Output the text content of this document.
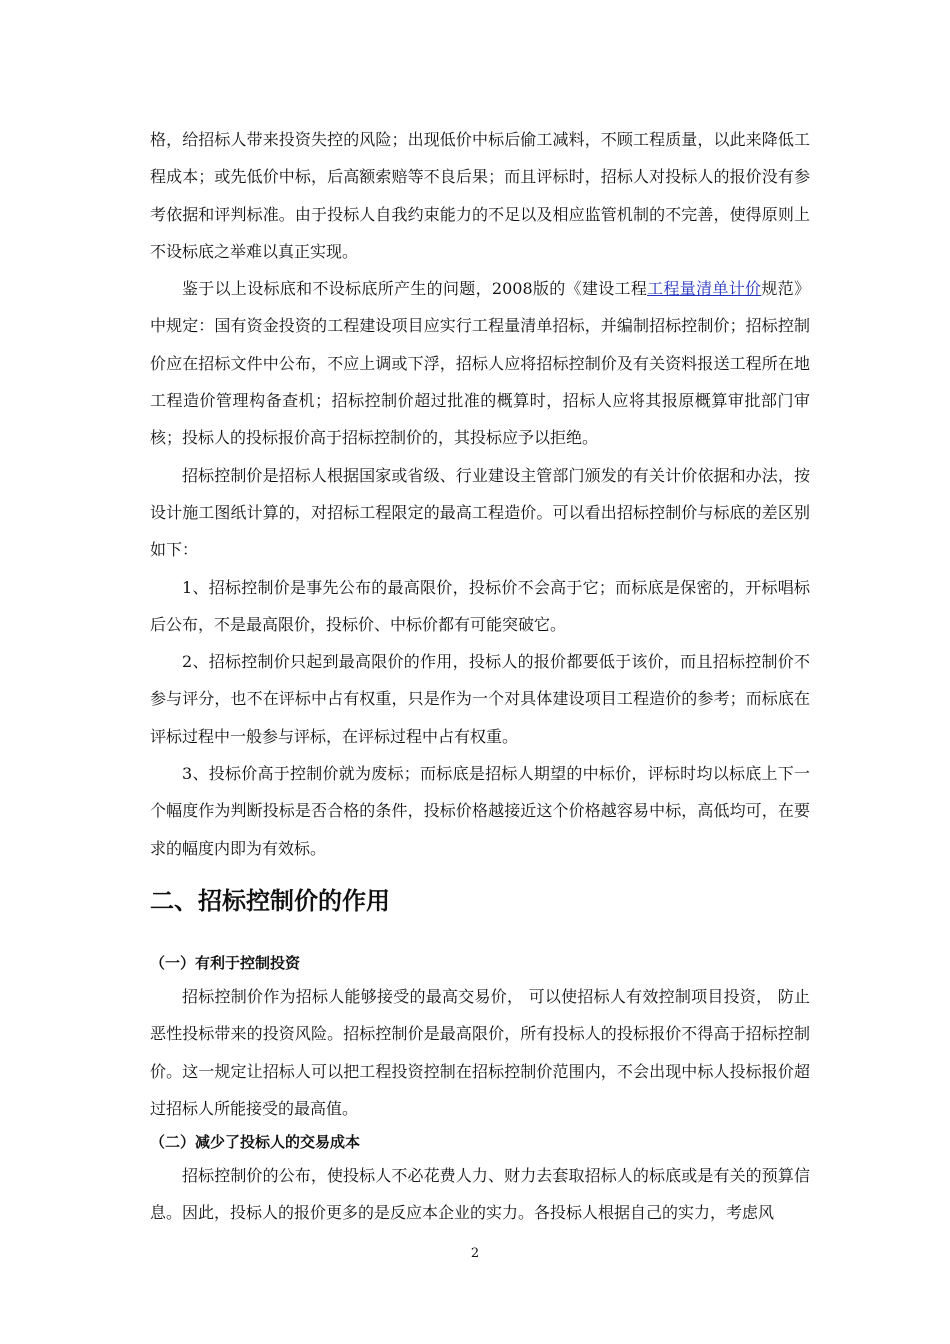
格，给招标人带来投资失控的风险；出现低价中标后偷工减料，不顾工程质量，以此来降低工程成本；或先低价中标，后高额索赔等不良后果；而且评标时，招标人对投标人的报价没有参考依据和评判标准。由于投标人自我约束能力的不足以及相应监管机制的不完善，使得原则上不设标底之举难以真正实现。

鉴于以上设标底和不设标底所产生的问题，2008版的《建设工程工程量清单计价规范》中规定：国有资金投资的工程建设项目应实行工程量清单招标，并编制招标控制价；招标控制价应在招标文件中公布，不应上调或下浮，招标人应将招标控制价及有关资料报送工程所在地工程造价管理构备查机；招标控制价超过批准的概算时，招标人应将其报原概算审批部门审核；投标人的投标报价高于招标控制价的，其投标应予以拒绝。

招标控制价是招标人根据国家或省级、行业建设主管部门颁发的有关计价依据和办法，按设计施工图纸计算的，对招标工程限定的最高工程造价。可以看出招标控制价与标底的差区别如下：

1、招标控制价是事先公布的最高限价，投标价不会高于它；而标底是保密的，开标唱标后公布，不是最高限价，投标价、中标价都有可能突破它。

2、招标控制价只起到最高限价的作用，投标人的报价都要低于该价，而且招标控制价不参与评分，也不在评标中占有权重，只是作为一个对具体建设项目工程造价的参考；而标底在评标过程中一般参与评标，在评标过程中占有权重。

3、投标价高于控制价就为废标；而标底是招标人期望的中标价，评标时均以标底上下一个幅度作为判断投标是否合格的条件，投标价格越接近这个价格越容易中标，高低均可，在要求的幅度内即为有效标。

二、招标控制价的作用

（一）有利于控制投资

招标控制价作为招标人能够接受的最高交易价， 可以使招标人有效控制项目投资， 防止恶性投标带来的投资风险。招标控制价是最高限价，所有投标人的投标报价不得高于招标控制价。这一规定让招标人可以把工程投资控制在招标控制价范围内，不会出现中标人投标报价超过招标人所能接受的最高值。

（二）减少了投标人的交易成本

招标控制价的公布，使投标人不必花费人力、财力去套取招标人的标底或是有关的预算信息。因此，投标人的报价更多的是反应本企业的实力。各投标人根据自己的实力，考虑风

2
